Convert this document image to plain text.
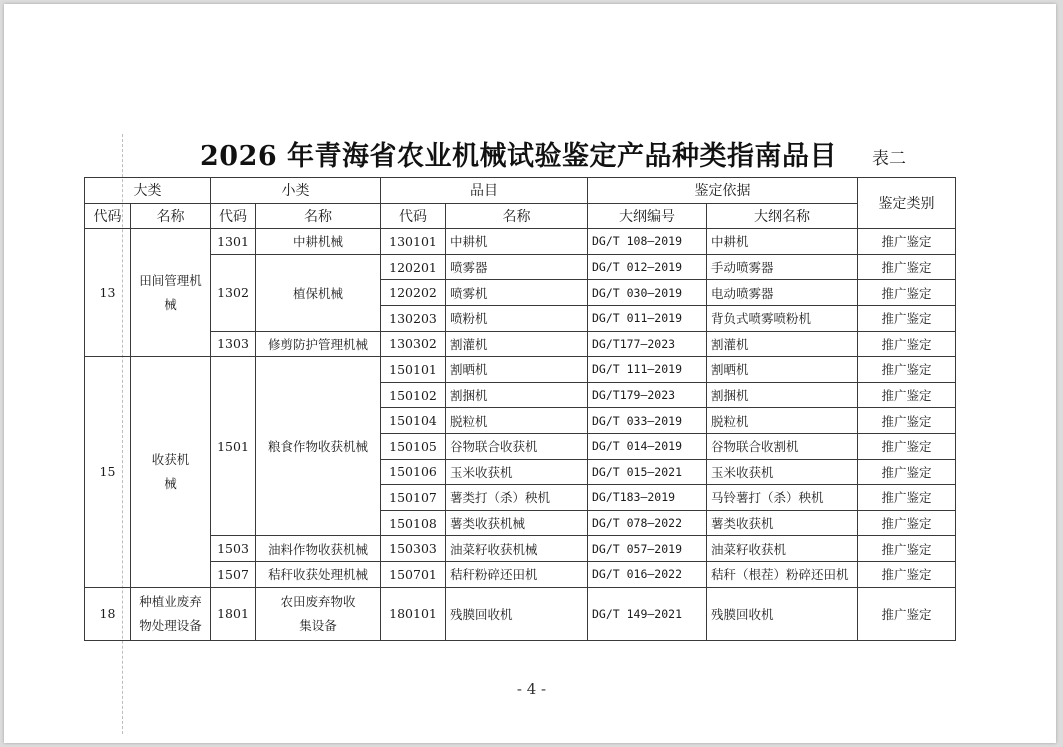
2026 年青海省农业机械试验鉴定产品种类指南品目 表二
大类		小类		品目		鉴定依据		鉴定类别
代码	名称	代码	名称	代码	名称	大纲编号	大纲名称	
13	田间管理机械	1301	中耕机械	130101	中耕机	DG/T 108—2019	中耕机	推广鉴定
		1302	植保机械	120201	喷雾器	DG/T 012—2019	手动喷雾器	推广鉴定
				120202	喷雾机	DG/T 030—2019	电动喷雾器	推广鉴定
				130203	喷粉机	DG/T 011—2019	背负式喷雾喷粉机	推广鉴定
		1303	修剪防护管理机械	130302	割灌机	DG/T177—2023	割灌机	推广鉴定
15	收获机械	1501	粮食作物收获机械	150101	割晒机	DG/T 111—2019	割晒机	推广鉴定
				150102	割捆机	DG/T179—2023	割捆机	推广鉴定
				150104	脱粒机	DG/T 033—2019	脱粒机	推广鉴定
				150105	谷物联合收获机	DG/T 014—2019	谷物联合收割机	推广鉴定
				150106	玉米收获机	DG/T 015—2021	玉米收获机	推广鉴定
				150107	薯类打（杀）秧机	DG/T183—2019	马铃薯打（杀）秧机	推广鉴定
				150108	薯类收获机械	DG/T 078—2022	薯类收获机	推广鉴定
		1503	油料作物收获机械	150303	油菜籽收获机械	DG/T 057—2019	油菜籽收获机	推广鉴定
		1507	秸秆收获处理机械	150701	秸秆粉碎还田机	DG/T 016—2022	秸秆（根茬）粉碎还田机	推广鉴定
18	种植业废弃物处理设备	1801	农田废弃物收集设备	180101	残膜回收机	DG/T 149—2021	残膜回收机	推广鉴定
- 4 -
